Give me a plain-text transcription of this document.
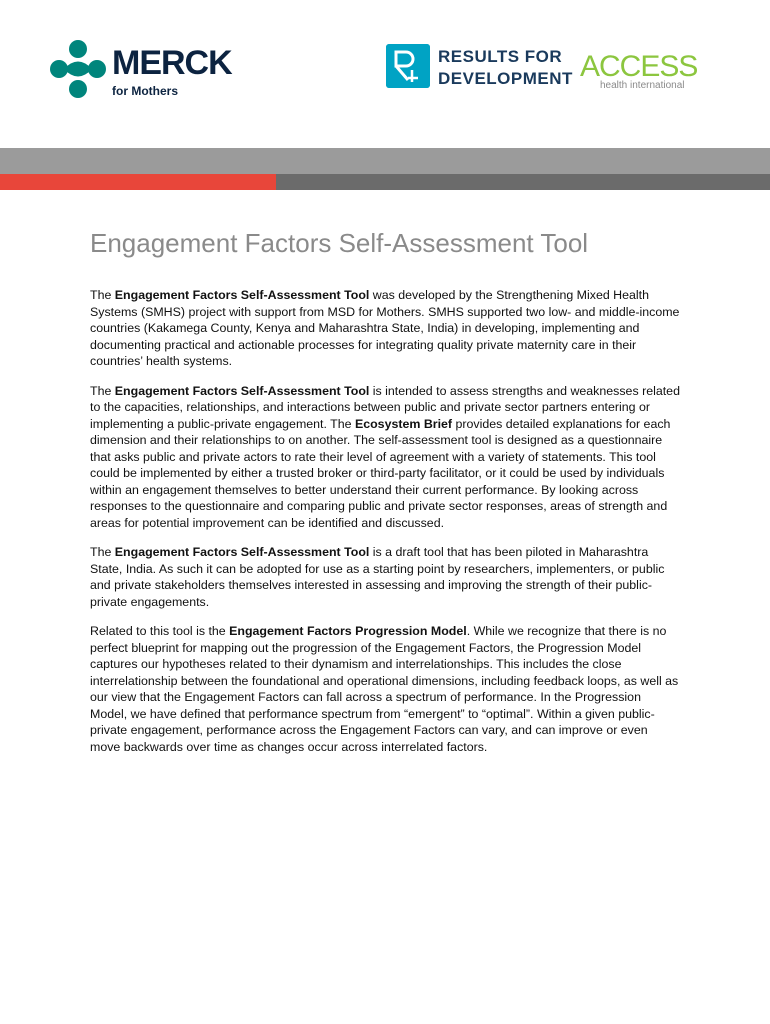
MERCK
for Mothers
RESULTS FOR
DEVELOPMENT ACCESS
health international
Engagement Factors Self-Assessment Tool

The Engagement Factors Self-Assessment Tool was developed by the Strengthening Mixed Health Systems (SMHS) project with support from MSD for Mothers. SMHS supported two low- and middle-income countries (Kakamega County, Kenya and Maharashtra State, India) in developing, implementing and documenting practical and actionable processes for integrating quality private maternity care in their countries’ health systems.

The Engagement Factors Self-Assessment Tool is intended to assess strengths and weaknesses related to the capacities, relationships, and interactions between public and private sector partners entering or implementing a public-private engagement. The Ecosystem Brief provides detailed explanations for each dimension and their relationships to on another. The self-assessment tool is designed as a questionnaire that asks public and private actors to rate their level of agreement with a variety of statements. This tool could be implemented by either a trusted broker or third-party facilitator, or it could be used by individuals within an engagement themselves to better understand their current performance. By looking across responses to the questionnaire and comparing public and private sector responses, areas of strength and areas for potential improvement can be identified and discussed.

The Engagement Factors Self-Assessment Tool is a draft tool that has been piloted in Maharashtra State, India. As such it can be adopted for use as a starting point by researchers, implementers, or public and private stakeholders themselves interested in assessing and improving the strength of their public-private engagements.

Related to this tool is the Engagement Factors Progression Model. While we recognize that there is no perfect blueprint for mapping out the progression of the Engagement Factors, the Progression Model captures our hypotheses related to their dynamism and interrelationships. This includes the close interrelationship between the foundational and operational dimensions, including feedback loops, as well as our view that the Engagement Factors can fall across a spectrum of performance. In the Progression Model, we have defined that performance spectrum from “emergent” to “optimal”. Within a given public-private engagement, performance across the Engagement Factors can vary, and can improve or even move backwards over time as changes occur across interrelated factors.
